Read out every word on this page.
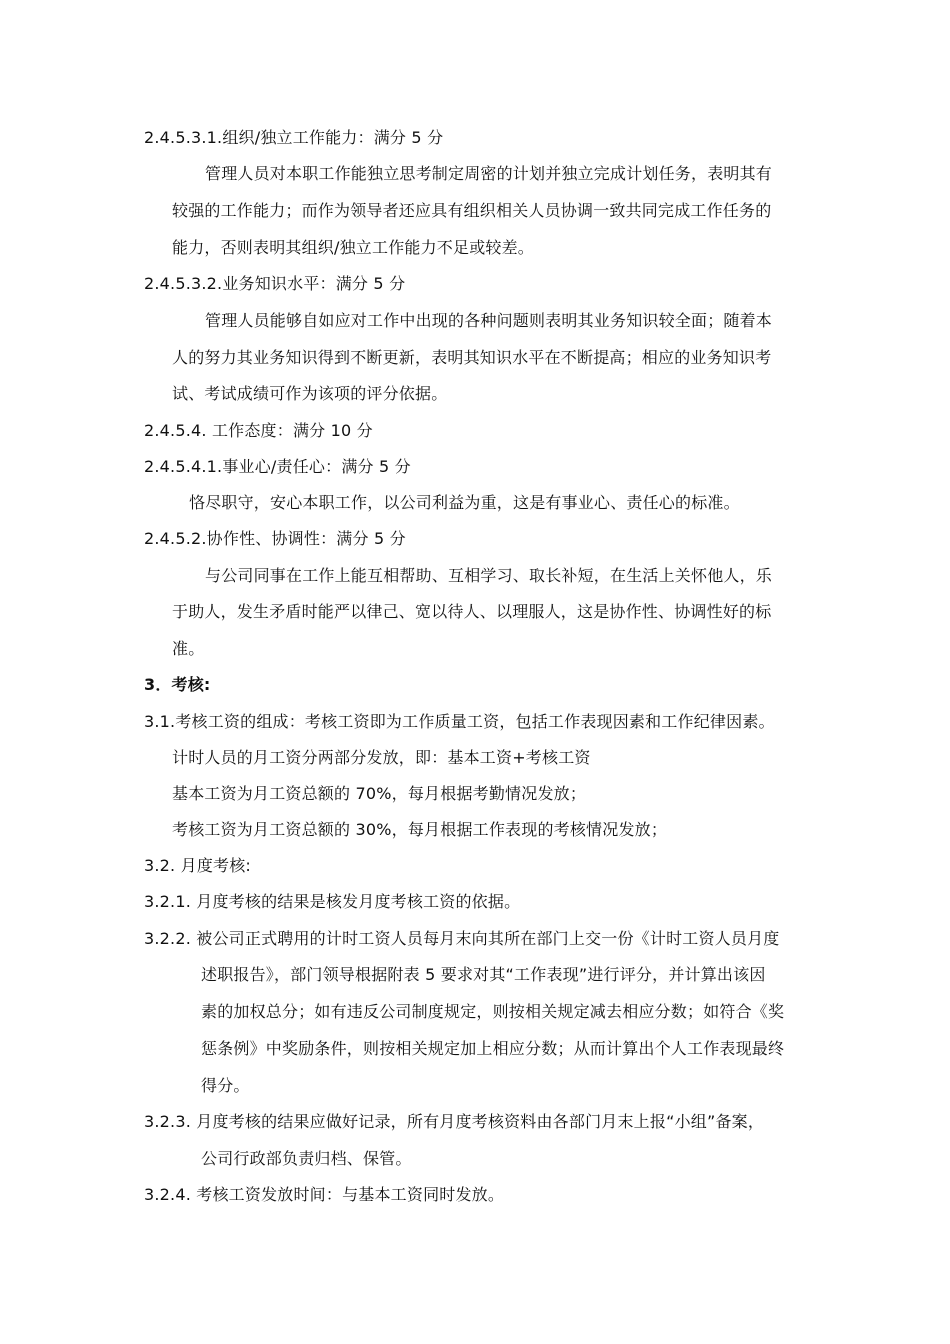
2.4.5.3.1.组织/独立工作能力：满分 5 分
管理人员对本职工作能独立思考制定周密的计划并独立完成计划任务，表明其有
较强的工作能力；而作为领导者还应具有组织相关人员协调一致共同完成工作任务的
能力，否则表明其组织/独立工作能力不足或较差。
2.4.5.3.2.业务知识水平：满分 5 分
管理人员能够自如应对工作中出现的各种问题则表明其业务知识较全面；随着本
人的努力其业务知识得到不断更新，表明其知识水平在不断提高；相应的业务知识考
试、考试成绩可作为该项的评分依据。
2.4.5.4. 工作态度：满分 10 分
2.4.5.4.1.事业心/责任心：满分 5 分
恪尽职守，安心本职工作，以公司利益为重，这是有事业心、责任心的标准。
2.4.5.2.协作性、协调性：满分 5 分
与公司同事在工作上能互相帮助、互相学习、取长补短，在生活上关怀他人，乐
于助人，发生矛盾时能严以律己、宽以待人、以理服人，这是协作性、协调性好的标
准。
3．考核:
3.1.考核工资的组成：考核工资即为工作质量工资，包括工作表现因素和工作纪律因素。
计时人员的月工资分两部分发放，即：基本工资+考核工资
基本工资为月工资总额的 70%，每月根据考勤情况发放；
考核工资为月工资总额的 30%，每月根据工作表现的考核情况发放；
3.2. 月度考核:
3.2.1. 月度考核的结果是核发月度考核工资的依据。
3.2.2. 被公司正式聘用的计时工资人员每月末向其所在部门上交一份《计时工资人员月度
述职报告》，部门领导根据附表 5 要求对其“工作表现”进行评分，并计算出该因
素的加权总分；如有违反公司制度规定，则按相关规定减去相应分数；如符合《奖
惩条例》中奖励条件，则按相关规定加上相应分数；从而计算出个人工作表现最终
得分。
3.2.3. 月度考核的结果应做好记录，所有月度考核资料由各部门月末上报“小组”备案，
公司行政部负责归档、保管。
3.2.4. 考核工资发放时间：与基本工资同时发放。
